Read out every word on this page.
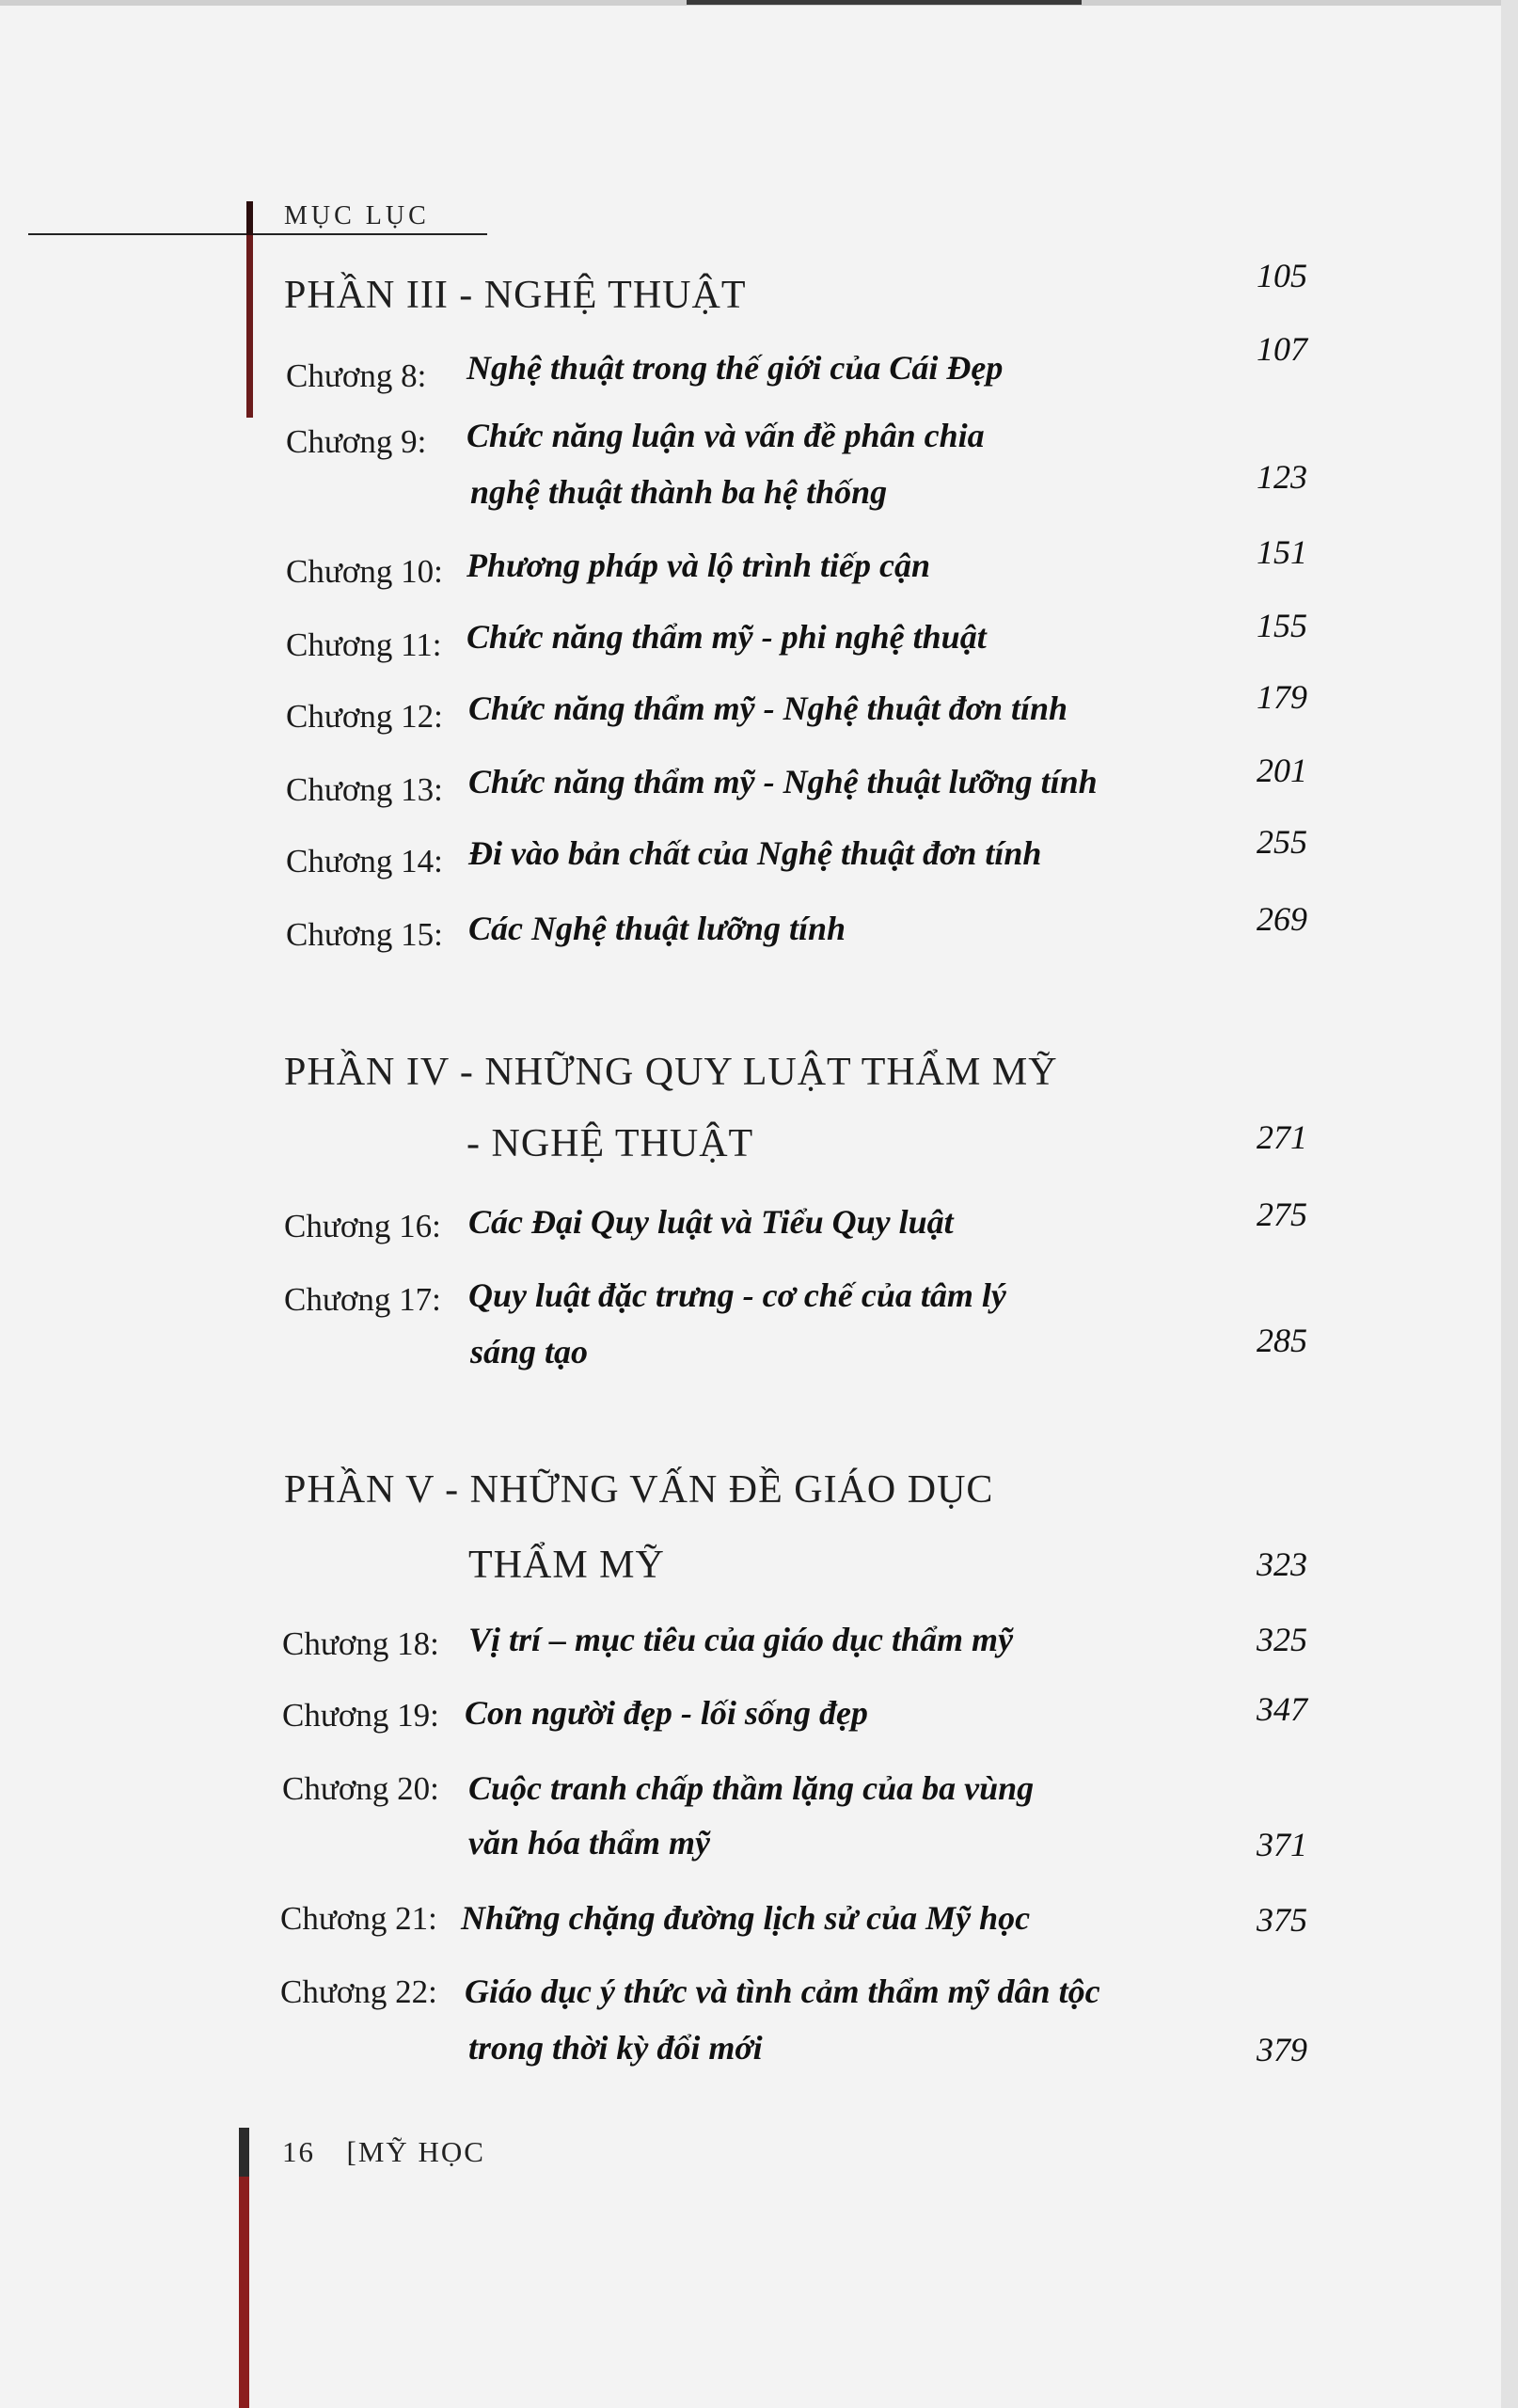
MỤC LỤC
PHẦN III - NGHỆ THUẬT	105
Chương 8: Nghệ thuật trong thế giới của Cái Đẹp	107
Chương 9: Chức năng luận và vấn đề phân chia
nghệ thuật thành ba hệ thống	123
Chương 10: Phương pháp và lộ trình tiếp cận	151
Chương 11: Chức năng thẩm mỹ - phi nghệ thuật	155
Chương 12: Chức năng thẩm mỹ - Nghệ thuật đơn tính	179
Chương 13: Chức năng thẩm mỹ - Nghệ thuật lưỡng tính	201
Chương 14: Đi vào bản chất của Nghệ thuật đơn tính	255
Chương 15: Các Nghệ thuật lưỡng tính	269
PHẦN IV - NHỮNG QUY LUẬT THẨM MỸ
- NGHỆ THUẬT	271
Chương 16: Các Đại Quy luật và Tiểu Quy luật	275
Chương 17: Quy luật đặc trưng - cơ chế của tâm lý
sáng tạo	285
PHẦN V - NHỮNG VẤN ĐỀ GIÁO DỤC
THẨM MỸ	323
Chương 18: Vị trí – mục tiêu của giáo dục thẩm mỹ	325
Chương 19: Con người đẹp - lối sống đẹp	347
Chương 20: Cuộc tranh chấp thầm lặng của ba vùng
văn hóa thẩm mỹ	371
Chương 21: Những chặng đường lịch sử của Mỹ học	375
Chương 22: Giáo dục ý thức và tình cảm thẩm mỹ dân tộc
trong thời kỳ đổi mới	379
16 [MỸ HỌC
